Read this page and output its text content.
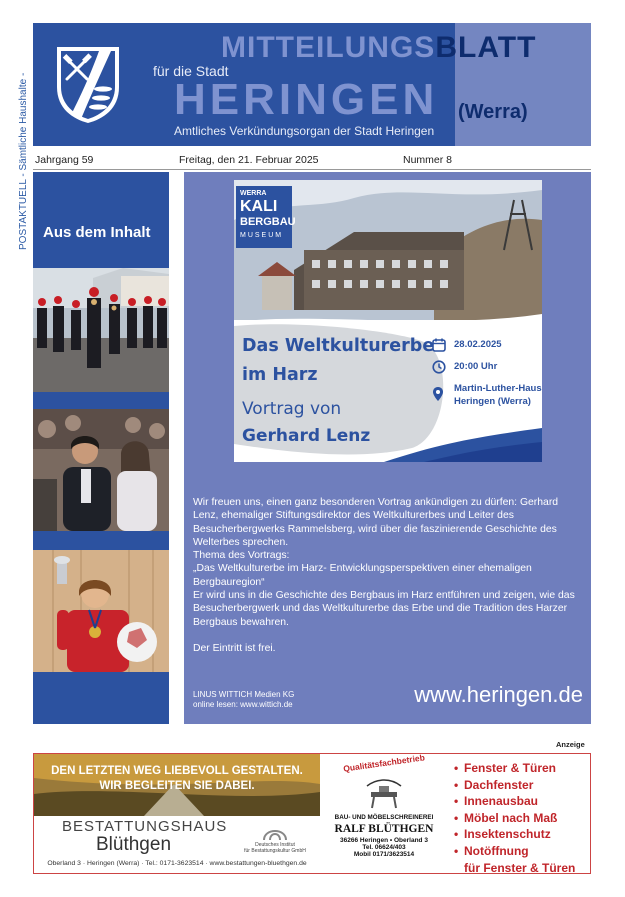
POSTAKTUELL - Sämtliche Haushalte -
MITTEILUNGSBLATT
für die Stadt
HERINGEN (Werra)
Amtliches Verkündungsorgan der Stadt Heringen
Jahrgang 59	Freitag, den 21. Februar 2025	Nummer 8
Aus dem Inhalt
WERRA
KALI
BERGBAU
MUSEUM
Das Weltkulturerbe
im Harz
Vortrag von
Gerhard Lenz
28.02.2025
20:00 Uhr
Martin-Luther-Haus
Heringen (Werra)

Wir freuen uns, einen ganz besonderen Vortrag ankündigen zu dürfen: Gerhard Lenz, ehemaliger Stiftungsdirektor des Weltkulturerbes und Leiter des Besucherbergwerks Rammelsberg, wird über die faszinierende Geschichte des Welterbes sprechen.

Thema des Vortrags:

„Das Weltkulturerbe im Harz- Entwicklungsperspektiven einer ehemaligen Bergbauregion“

Er wird uns in die Geschichte des Bergbaus im Harz entführen und zeigen, wie das Besucherbergwerk und das Weltkulturerbe das Erbe und die Tradition des Harzer Bergbaus bewahren.

Der Eintritt ist frei.

LINUS WITTICH Medien KG
online lesen: www.wittich.de	www.heringen.de
Anzeige
DEN LETZTEN WEG LIEBEVOLL GESTALTEN.
WIR BEGLEITEN SIE DABEI.
BESTATTUNGSHAUS
Blüthgen	Deutsches Institut
für Bestattungskultur GmbH
Oberland 3 · Heringen (Werra) · Tel.: 0171-3623514 · www.bestattungen-bluethgen.de
Qualitätsfachbetrieb
BAU- UND MÖBELSCHREINEREI
RALF BLÜTHGEN
36266 Heringen • Oberland 3
Tel. 06624/403
Mobil 0171/3623514
• Fenster & Türen
• Dachfenster
• Innenausbau
• Möbel nach Maß
• Insektenschutz
• Notöffnung
für Fenster & Türen
